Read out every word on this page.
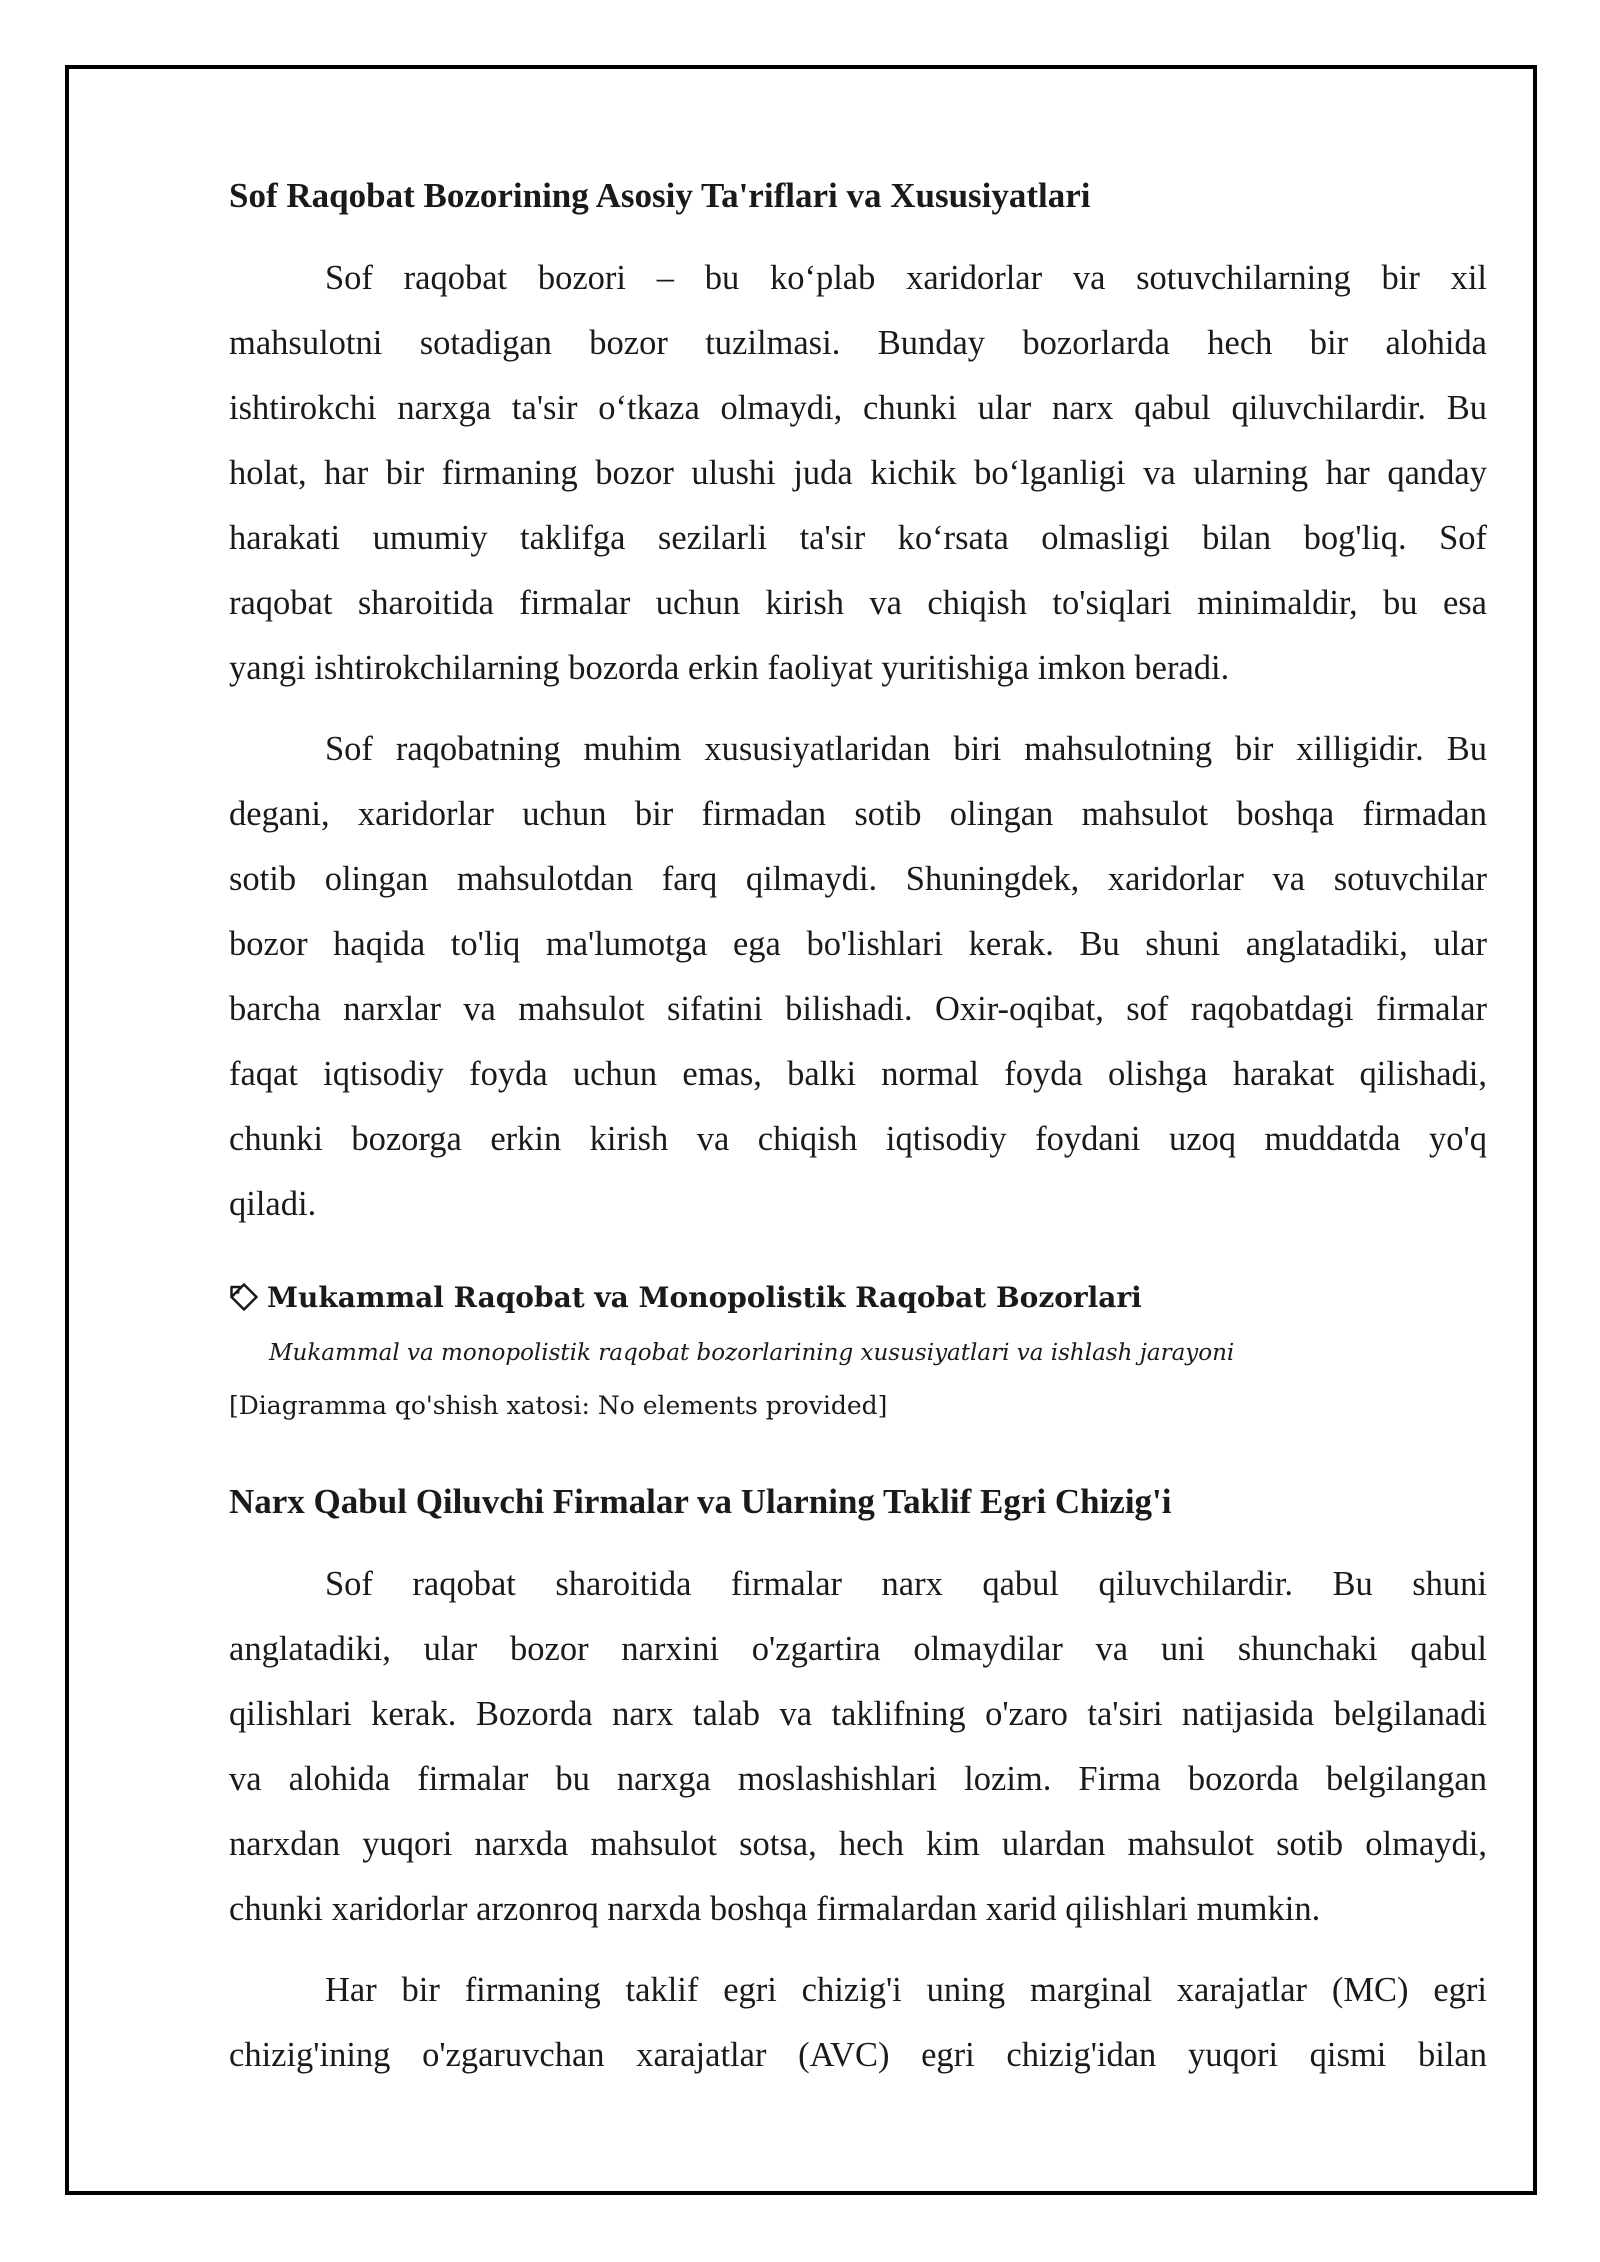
Sof Raqobat Bozorining Asosiy Ta'riflari va Xususiyatlari
Sof raqobat bozori – bu ko‘plab xaridorlar va sotuvchilarning bir xil
mahsulotni sotadigan bozor tuzilmasi. Bunday bozorlarda hech bir alohida
ishtirokchi narxga ta'sir o‘tkaza olmaydi, chunki ular narx qabul qiluvchilardir. Bu
holat, har bir firmaning bozor ulushi juda kichik bo‘lganligi va ularning har qanday
harakati umumiy taklifga sezilarli ta'sir ko‘rsata olmasligi bilan bog'liq. Sof
raqobat sharoitida firmalar uchun kirish va chiqish to'siqlari minimaldir, bu esa
yangi ishtirokchilarning bozorda erkin faoliyat yuritishiga imkon beradi.
Sof raqobatning muhim xususiyatlaridan biri mahsulotning bir xilligidir. Bu
degani, xaridorlar uchun bir firmadan sotib olingan mahsulot boshqa firmadan
sotib olingan mahsulotdan farq qilmaydi. Shuningdek, xaridorlar va sotuvchilar
bozor haqida to'liq ma'lumotga ega bo'lishlari kerak. Bu shuni anglatadiki, ular
barcha narxlar va mahsulot sifatini bilishadi. Oxir-oqibat, sof raqobatdagi firmalar
faqat iqtisodiy foyda uchun emas, balki normal foyda olishga harakat qilishadi,
chunki bozorga erkin kirish va chiqish iqtisodiy foydani uzoq muddatda yo'q
qiladi.
Mukammal Raqobat va Monopolistik Raqobat Bozorlari
Mukammal va monopolistik raqobat bozorlarining xususiyatlari va ishlash jarayoni
[Diagramma qo'shish xatosi: No elements provided]
Narx Qabul Qiluvchi Firmalar va Ularning Taklif Egri Chizig'i
Sof raqobat sharoitida firmalar narx qabul qiluvchilardir. Bu shuni
anglatadiki, ular bozor narxini o'zgartira olmaydilar va uni shunchaki qabul
qilishlari kerak. Bozorda narx talab va taklifning o'zaro ta'siri natijasida belgilanadi
va alohida firmalar bu narxga moslashishlari lozim. Firma bozorda belgilangan
narxdan yuqori narxda mahsulot sotsa, hech kim ulardan mahsulot sotib olmaydi,
chunki xaridorlar arzonroq narxda boshqa firmalardan xarid qilishlari mumkin.
Har bir firmaning taklif egri chizig'i uning marginal xarajatlar (MC) egri
chizig'ining o'zgaruvchan xarajatlar (AVC) egri chizig'idan yuqori qismi bilan
